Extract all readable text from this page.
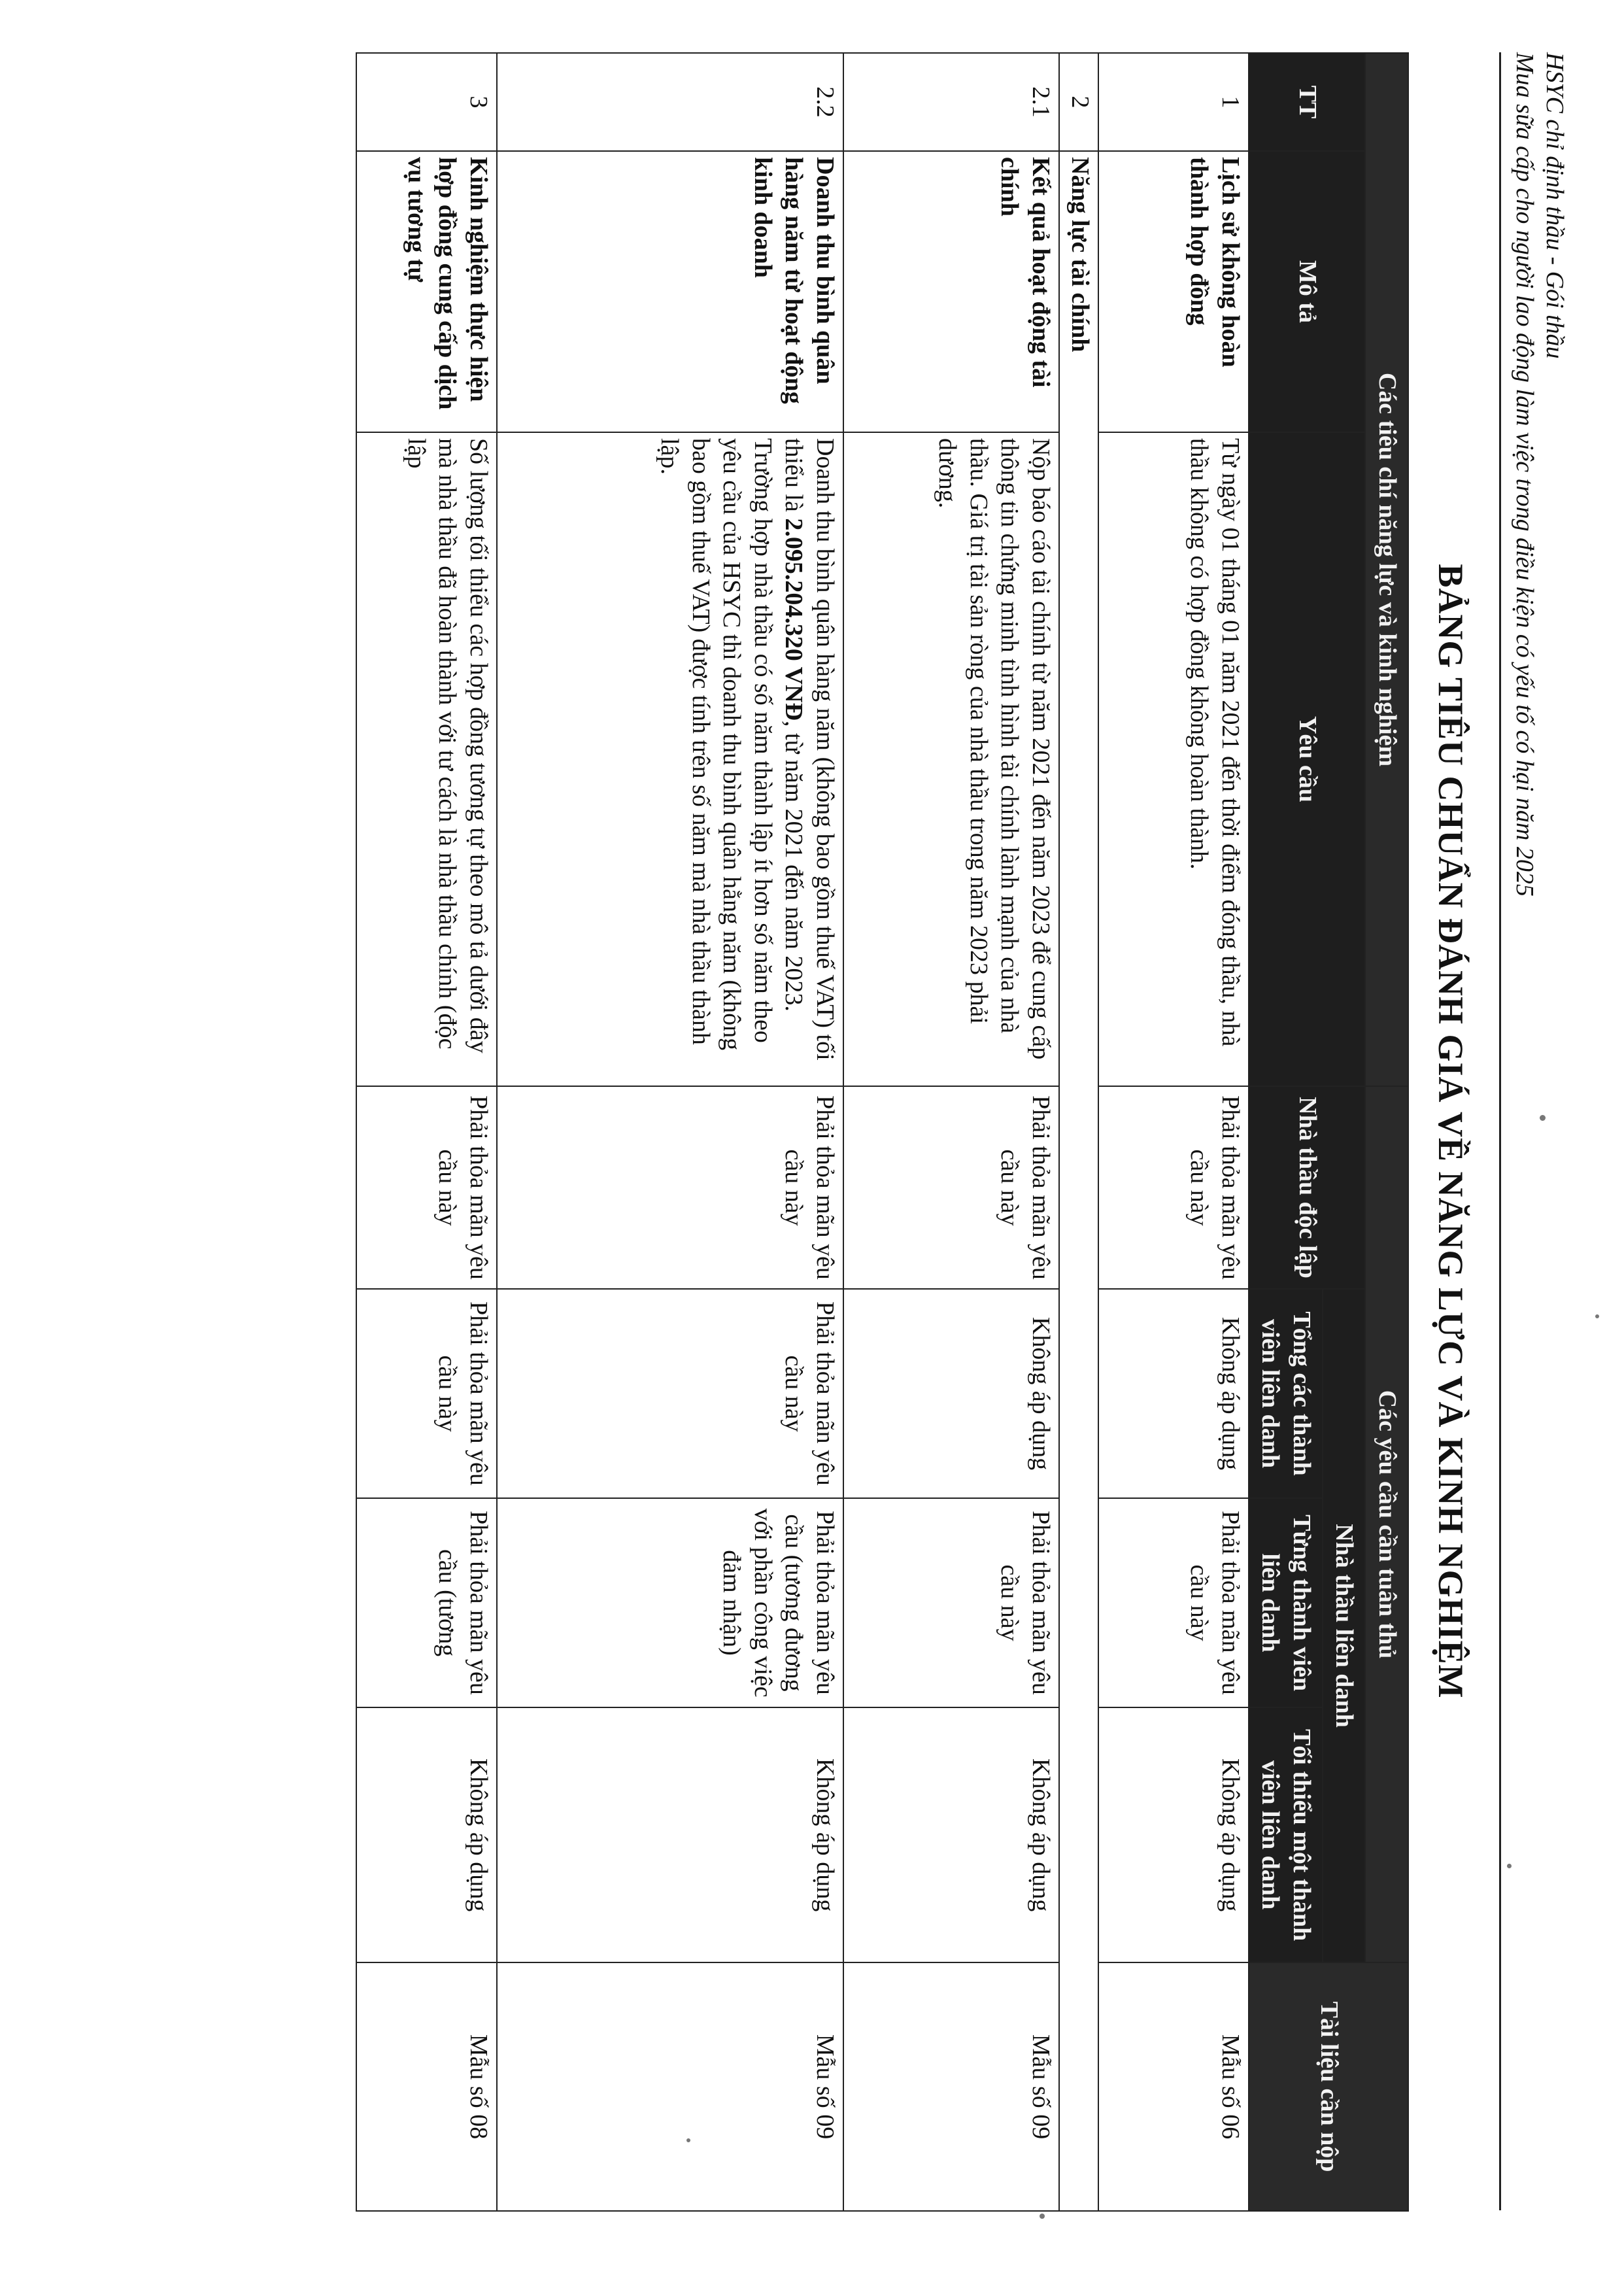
HSYC chỉ định thầu - Gói thầu
Mua sữa cấp cho người lao động làm việc trong điều kiện có yếu tố có hại năm 2025
BẢNG TIÊU CHUẨN ĐÁNH GIÁ VỀ NĂNG LỰC VÀ KINH NGHIỆM
Các tiêu chí năng lực và kinh nghiệm			Các yêu cầu cần tuân thủ				Tài liệu cần nộp
TT	Mô tả	Yêu cầu	Nhà thầu độc lập	Nhà thầu liên danh			
				Tổng các thành viên liên danh	Từng thành viên liên danh	Tối thiểu một thành viên liên danh	
1	Lịch sử không hoàn thành hợp đồng	Từ ngày 01 tháng 01 năm 2021 đến thời điểm đóng thầu, nhà thầu không có hợp đồng không hoàn thành.	Phải thỏa mãn yêu cầu này	Không áp dụng	Phải thỏa mãn yêu cầu này	Không áp dụng	Mẫu số 06
2	Năng lực tài chính						
2.1	Kết quả hoạt động tài chính	Nộp báo cáo tài chính từ năm 2021 đến năm 2023 để cung cấp thông tin chứng minh tình hình tài chính lành mạnh của nhà thầu. Giá trị tài sản ròng của nhà thầu trong năm 2023 phải dương.	Phải thỏa mãn yêu cầu này	Không áp dụng	Phải thỏa mãn yêu cầu này	Không áp dụng	Mẫu số 09
2.2	Doanh thu bình quân hàng năm từ hoạt động kinh doanh	Doanh thu bình quân hàng năm (không bao gồm thuế VAT) tối thiểu là 2.095.204.320 VNĐ, từ năm 2021 đến năm 2023. Trường hợp nhà thầu có số năm thành lập ít hơn số năm theo yêu cầu của HSYC thì doanh thu bình quân hằng năm (không bao gồm thuế VAT) được tính trên số năm mà nhà thầu thành lập.	Phải thỏa mãn yêu cầu này	Phải thỏa mãn yêu cầu này	Phải thỏa mãn yêu cầu (tương đương với phần công việc đảm nhận)	Không áp dụng	Mẫu số 09
3	Kinh nghiệm thực hiện hợp đồng cung cấp dịch vụ tương tự	Số lượng tối thiểu các hợp đồng tương tự theo mô tả dưới đây mà nhà thầu đã hoàn thành với tư cách là nhà thầu chính (độc lập	Phải thỏa mãn yêu cầu này	Phải thỏa mãn yêu cầu này	Phải thỏa mãn yêu cầu (tương	Không áp dụng	Mẫu số 08
